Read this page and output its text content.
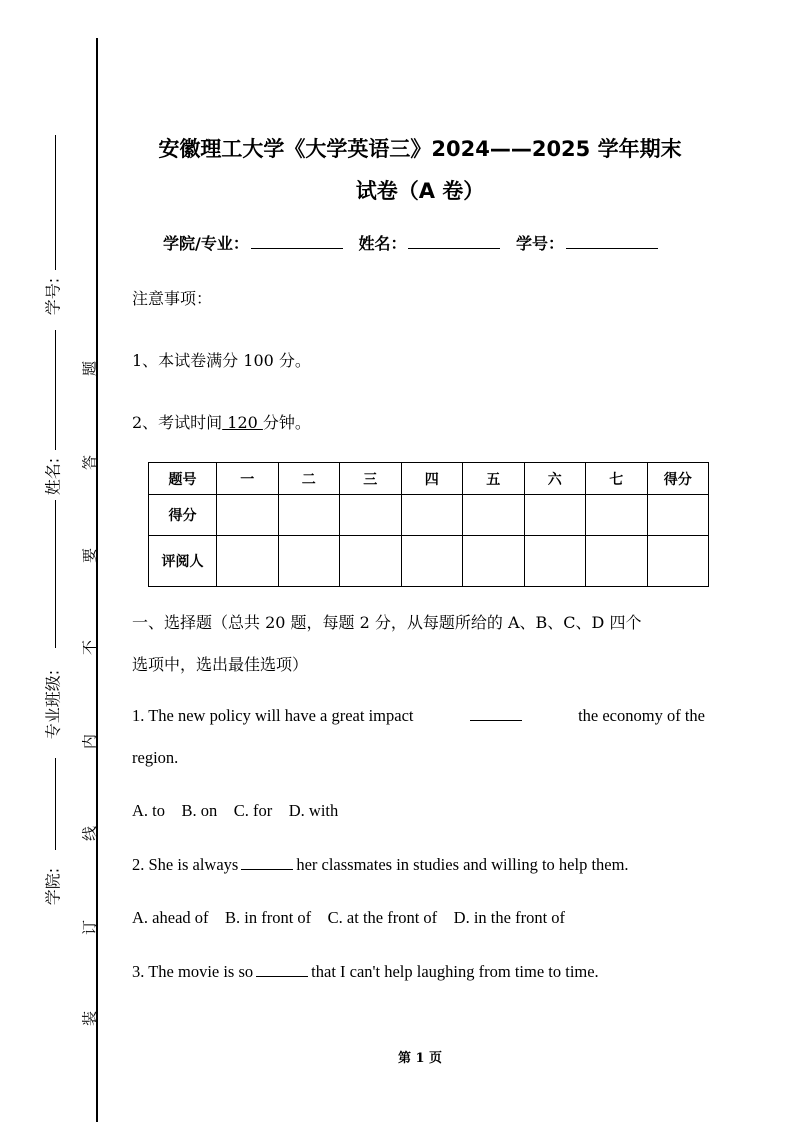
学号:
姓名:
专业班级:
学院:
题
答
要
不
内
线
订
装
安徽理工大学《大学英语三》2024——2025 学年期末
试卷（A 卷）
学院/专业：	姓名：	学号：
注意事项：
1、本试卷满分 100 分。
2、考试时间 120 分钟。
题号	一	二	三	四	五	六	七	得分
得分								
评阅人								
一、选择题（总共 20 题，每题 2 分，从每题所给的 A、B、C、D 四个
选项中，选出最佳选项）
1. The new policy will have a great impact	the economy of the
region.
A. to    B. on    C. for    D. with
2. She is always	her classmates in studies and willing to help them.
A. ahead of    B. in front of    C. at the front of    D. in the front of
3. The movie is so	that I can't help laughing from time to time.
第 1 页
